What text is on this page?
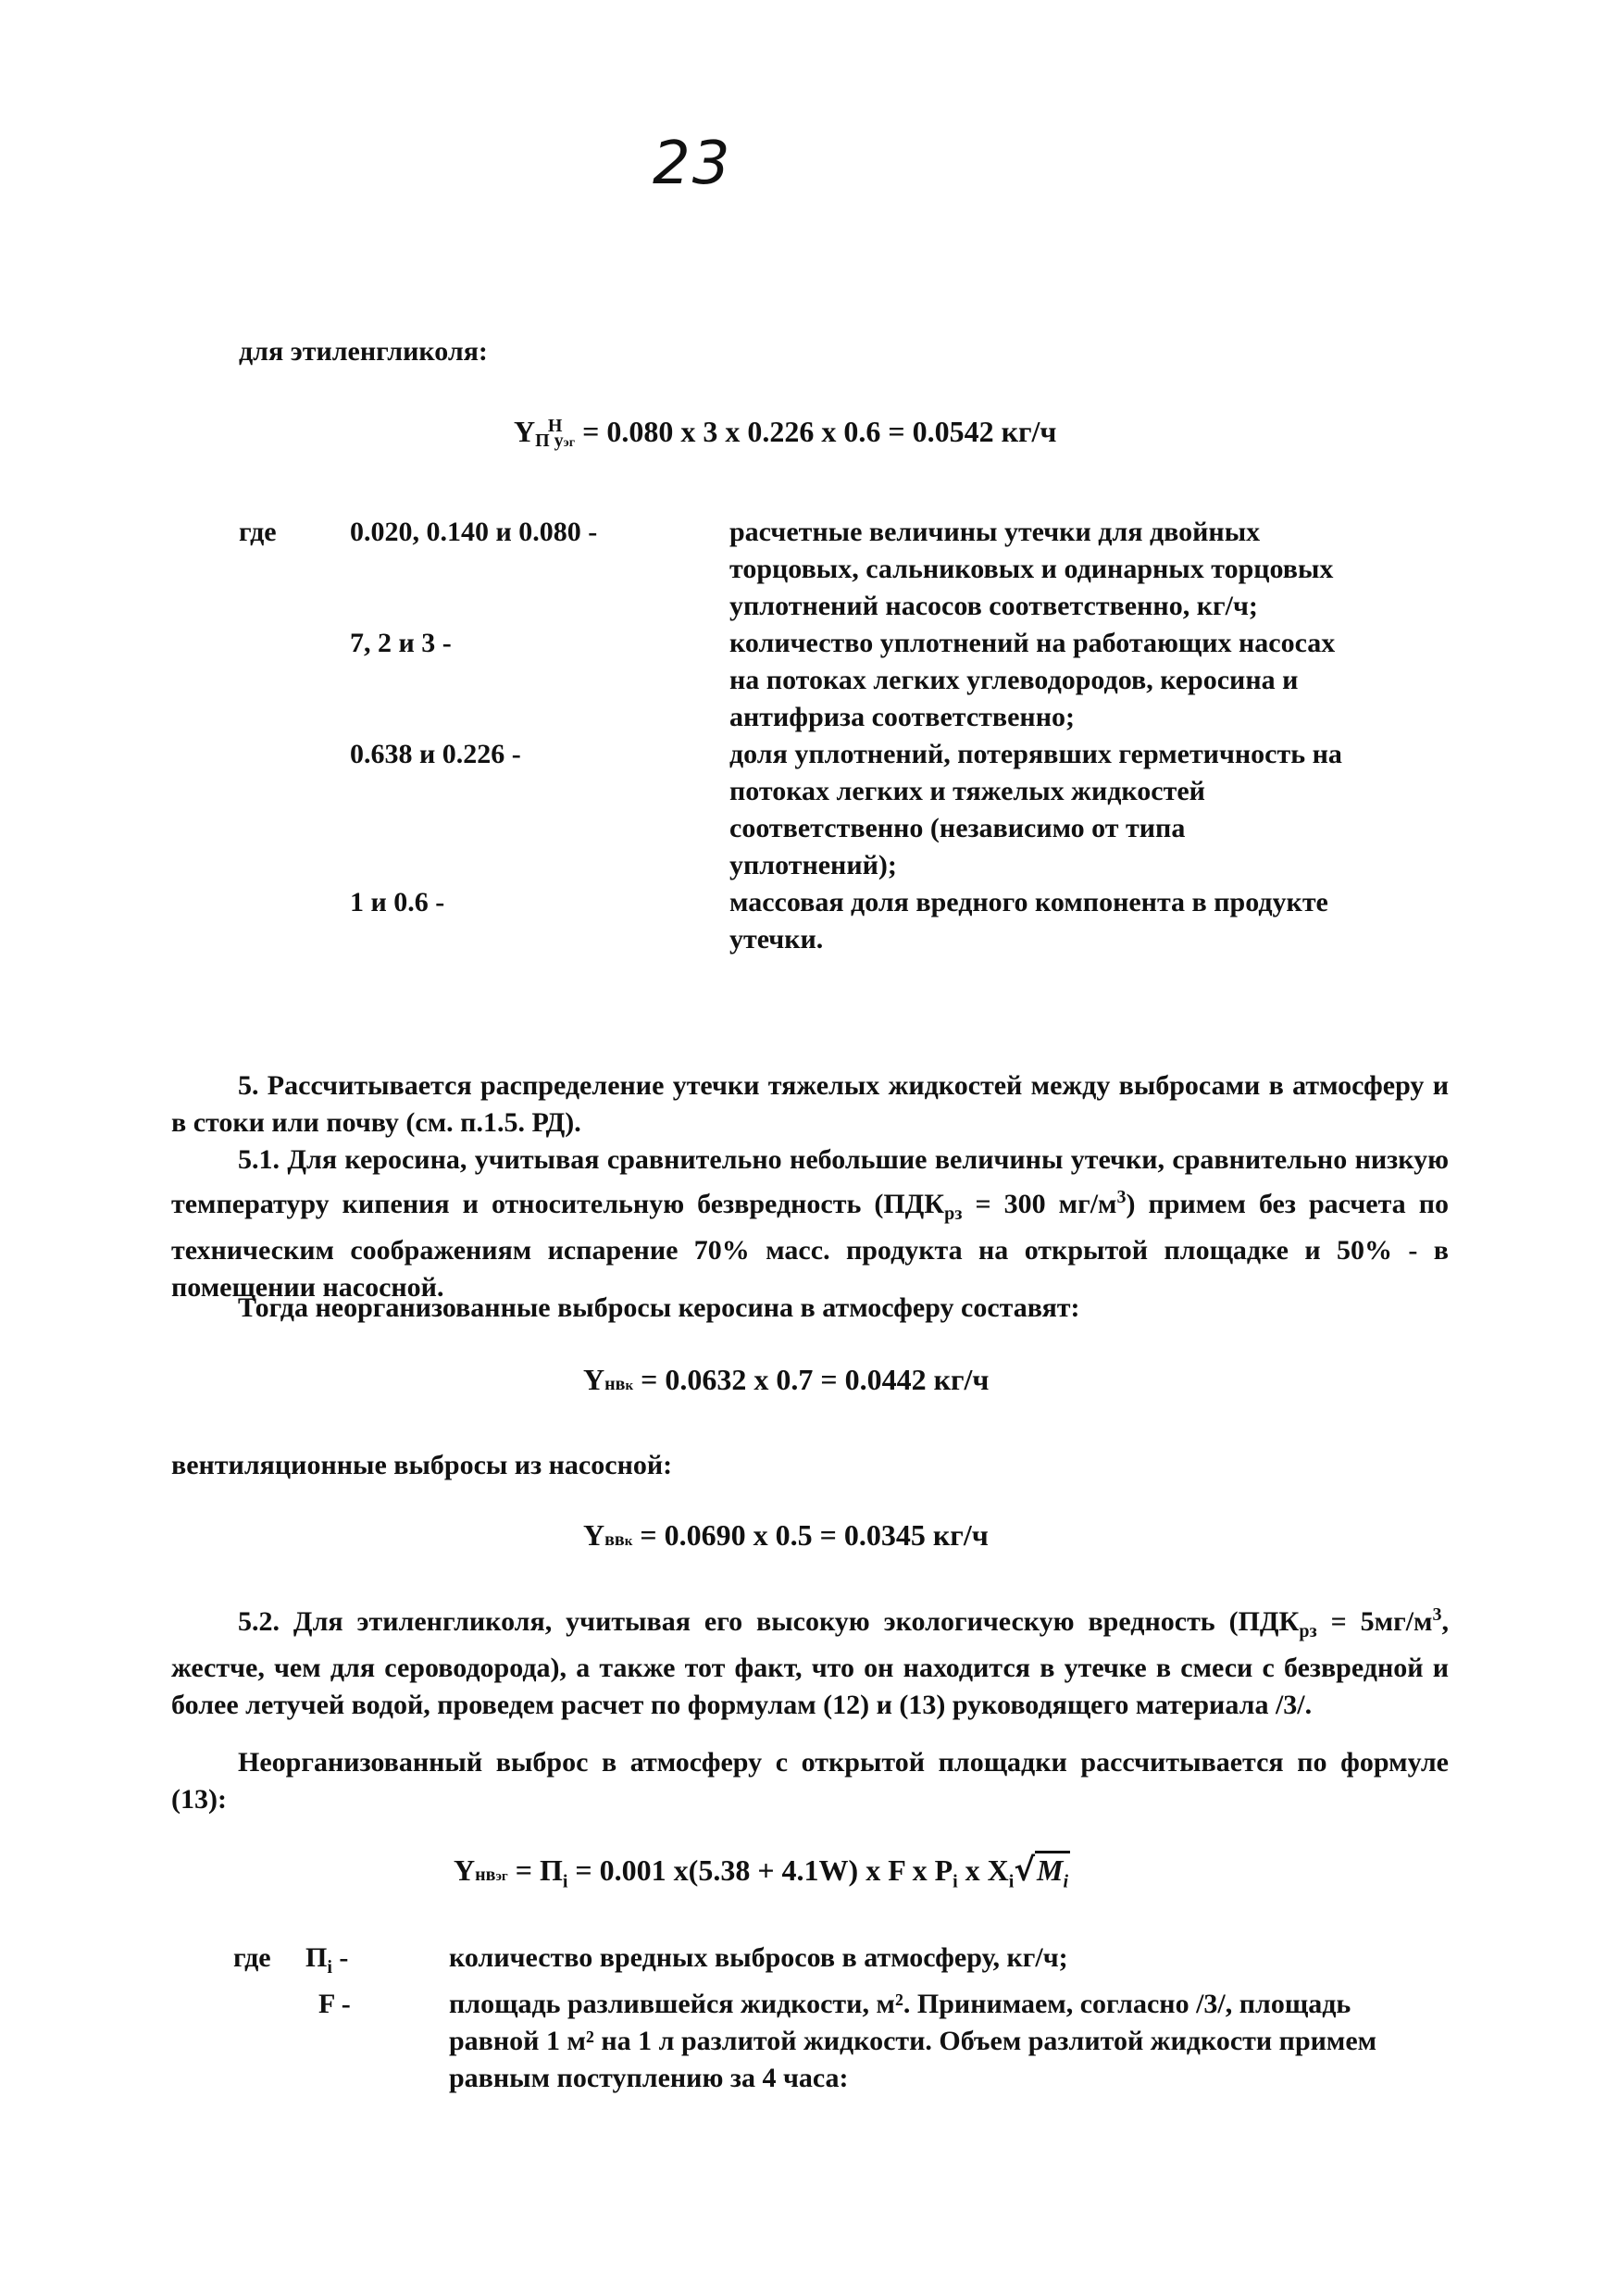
23
для этиленгликоля:
Y Н
П уэг = 0.080 x 3 x 0.226 x 0.6 = 0.0542 кг/ч
где	0.020, 0.140 и 0.080 -	расчетные величины утечки для двойных торцовых, сальниковых и одинарных торцовых уплотнений насосов соответственно, кг/ч;
7, 2 и 3 -	количество уплотнений на работающих насосах на потоках легких углеводородов, керосина и антифриза соответственно;
0.638 и 0.226 -	доля уплотнений, потерявших герметичность на потоках легких и тяжелых жидкостей соответственно (независимо от типа уплотнений);
1 и 0.6 -	массовая доля вредного компонента в продукте утечки.
5. Рассчитывается распределение утечки тяжелых жидкостей между выбросами в атмосферу и в стоки или почву (см. п.1.5. РД).
5.1. Для керосина, учитывая сравнительно небольшие величины утечки, сравнительно низкую температуру кипения и относительную безвредность ($ПДК_{рз} = 300$ $мг/м^3$) примем без расчета по техническим соображениям испарение 70% масс. продукта на открытой площадке и 50% - в помещении насосной.
Тогда неорганизованные выбросы керосина в атмосферу составят:
Yнвк = 0.0632 x 0.7 = 0.0442 кг/ч
вентиляционные выбросы из насосной:
Yввк = 0.0690 x 0.5 = 0.0345 кг/ч
5.2. Для этиленгликоля, учитывая его высокую экологическую вредность ($ПДК_{рз} = 5мг/м^3$, жестче, чем для сероводорода), а также тот факт, что он находится в утечке в смеси с безвредной и более летучей водой, проведем расчет по формулам (12) и (13) руководящего материала /3/.
Неорганизованный выброс в атмосферу с открытой площадки рассчитывается по формуле (13):
Yнвэг = $П_i = 0.001$ x(5.38 + 4.1W) x F x $P_i$ x $X_i√M_i$
где	$П_i$ -	количество вредных выбросов в атмосферу, кг/ч;
F -	площадь разлившейся жидкости, м². Принимаем, согласно /3/, площадь равной 1 м² на 1 л разлитой жидкости. Объем разлитой жидкости примем равным поступлению за 4 часа:
